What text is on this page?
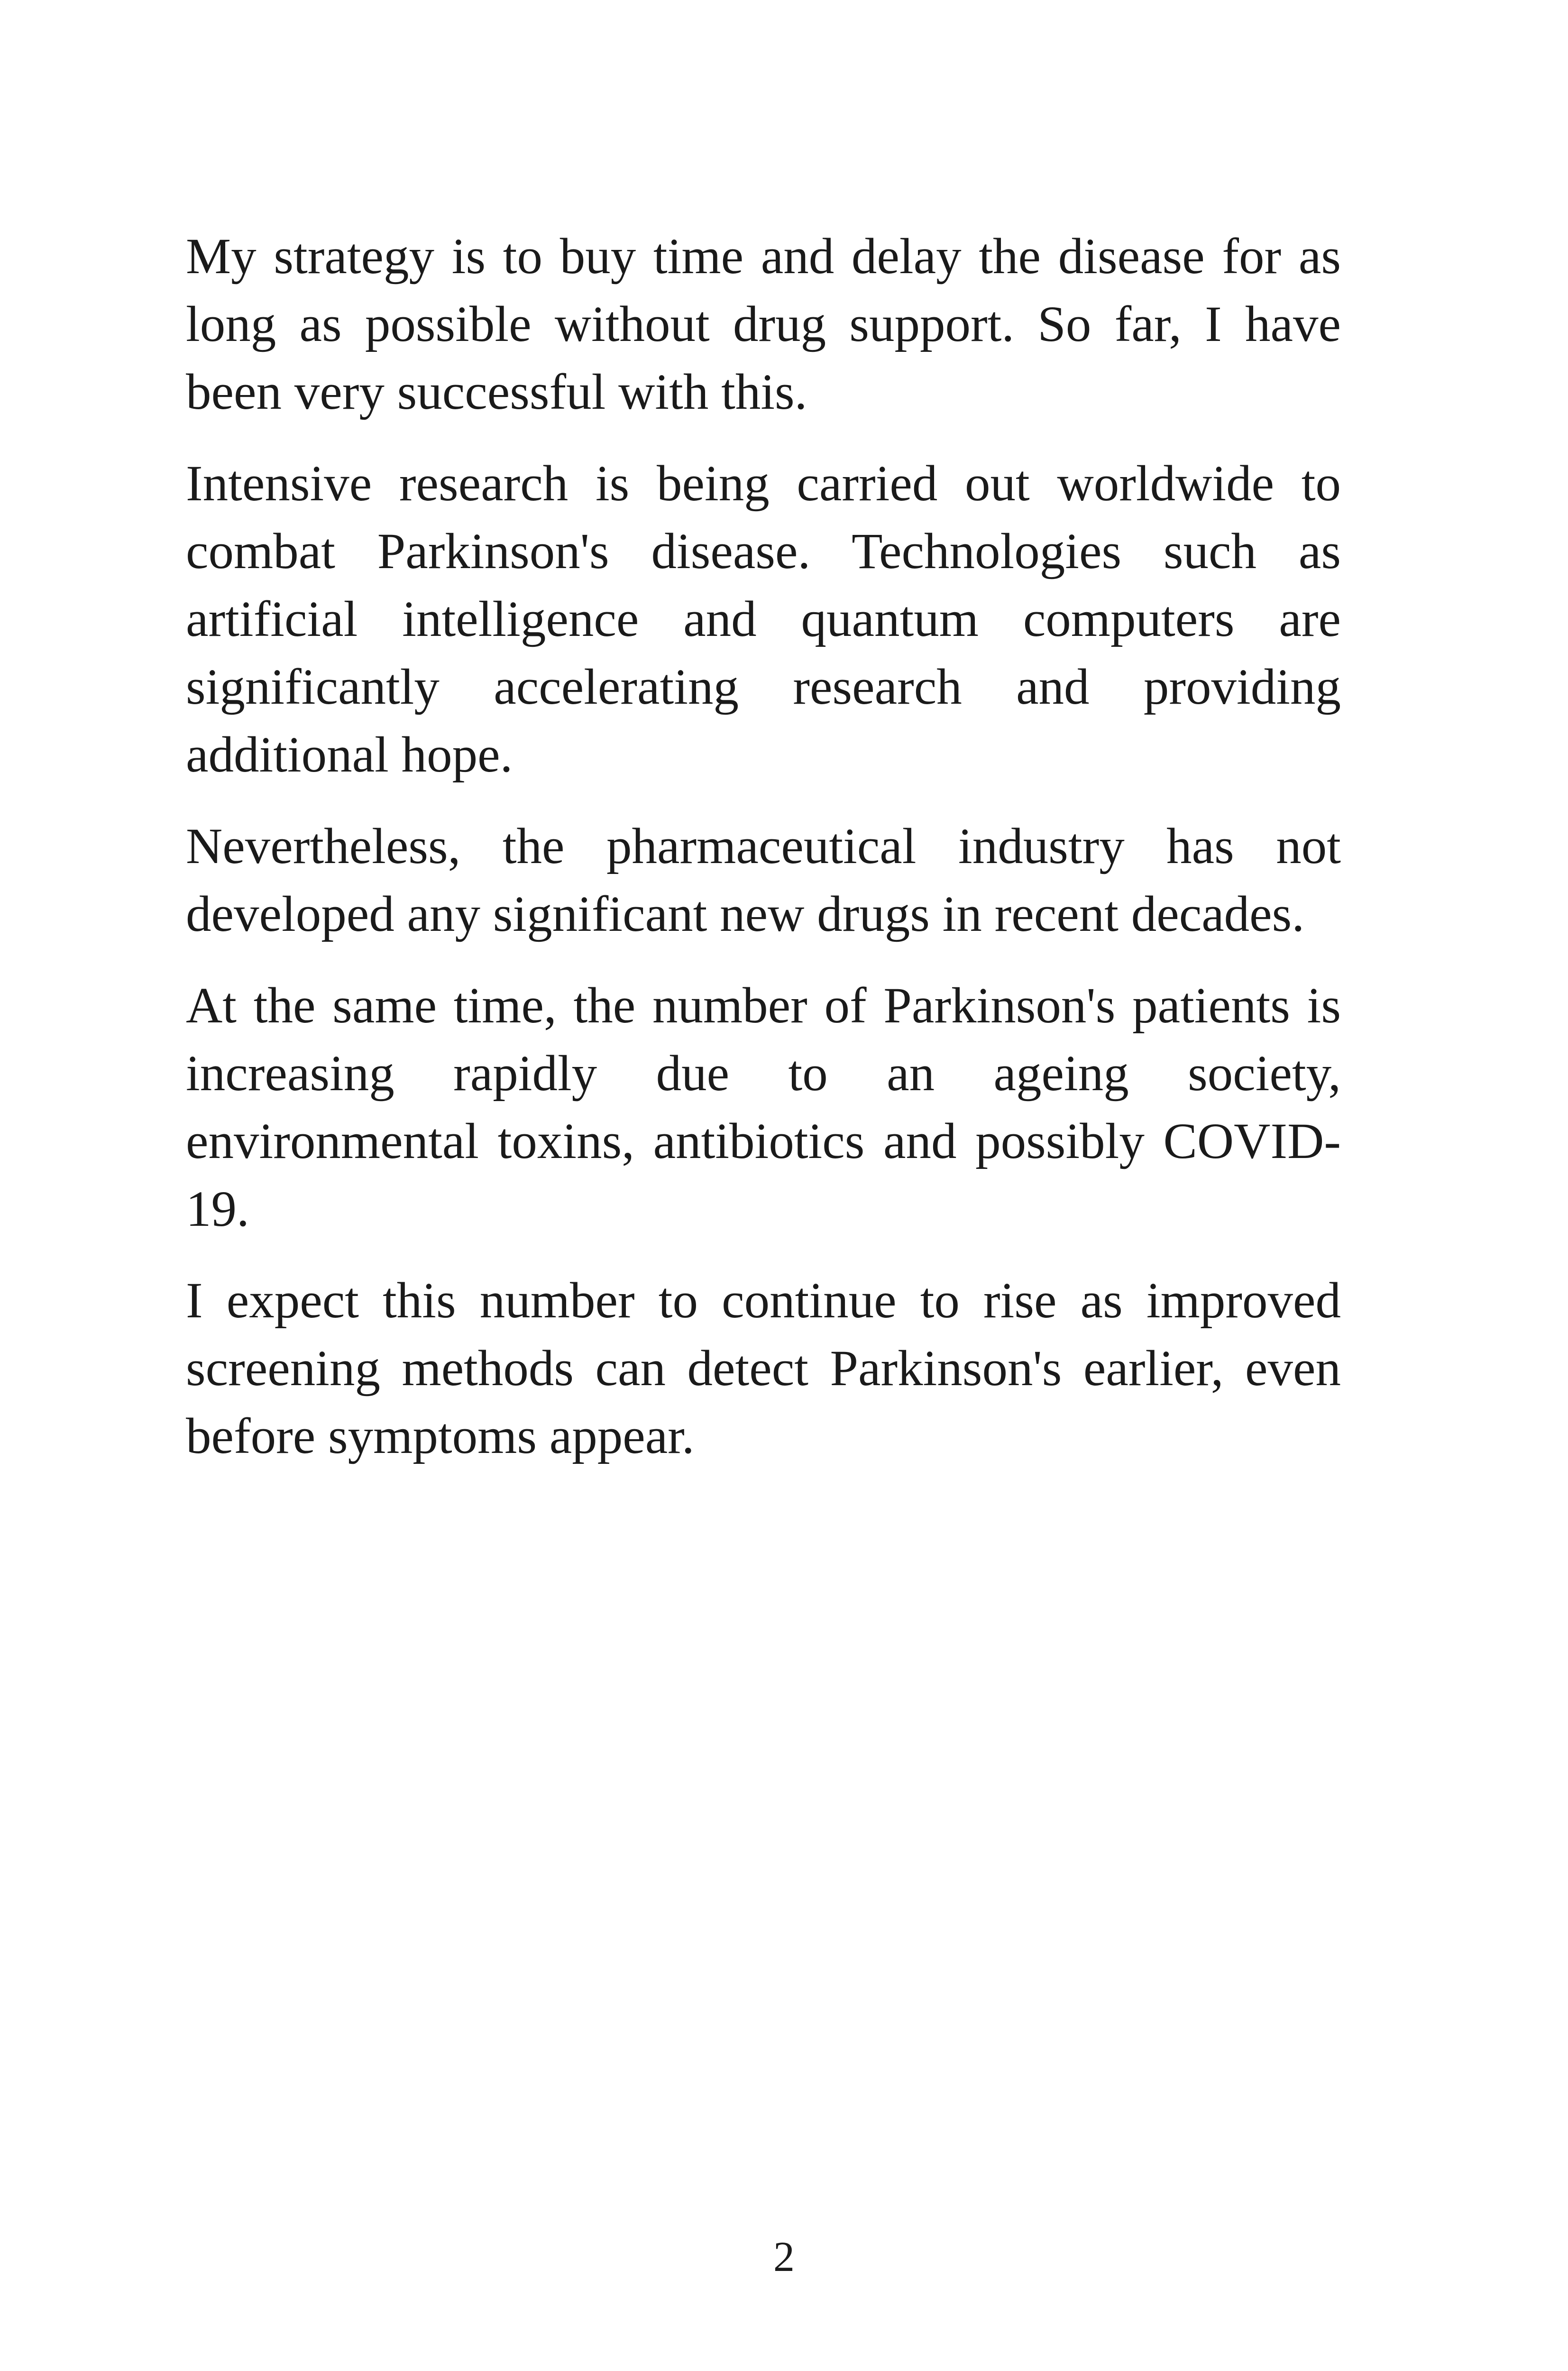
My strategy is to buy time and delay the disease for as long as possible without drug support. So far, I have been very successful with this.

Intensive research is being carried out worldwide to combat Parkinson's disease. Technologies such as artificial intelligence and quantum computers are significantly accelerating research and providing additional hope.

Nevertheless, the pharmaceutical industry has not developed any significant new drugs in recent decades.

At the same time, the number of Parkinson's patients is increasing rapidly due to an ageing society, environmental toxins, antibiotics and possibly COVID-19.

I expect this number to continue to rise as improved screening methods can detect Parkinson's earlier, even before symptoms appear.

2
